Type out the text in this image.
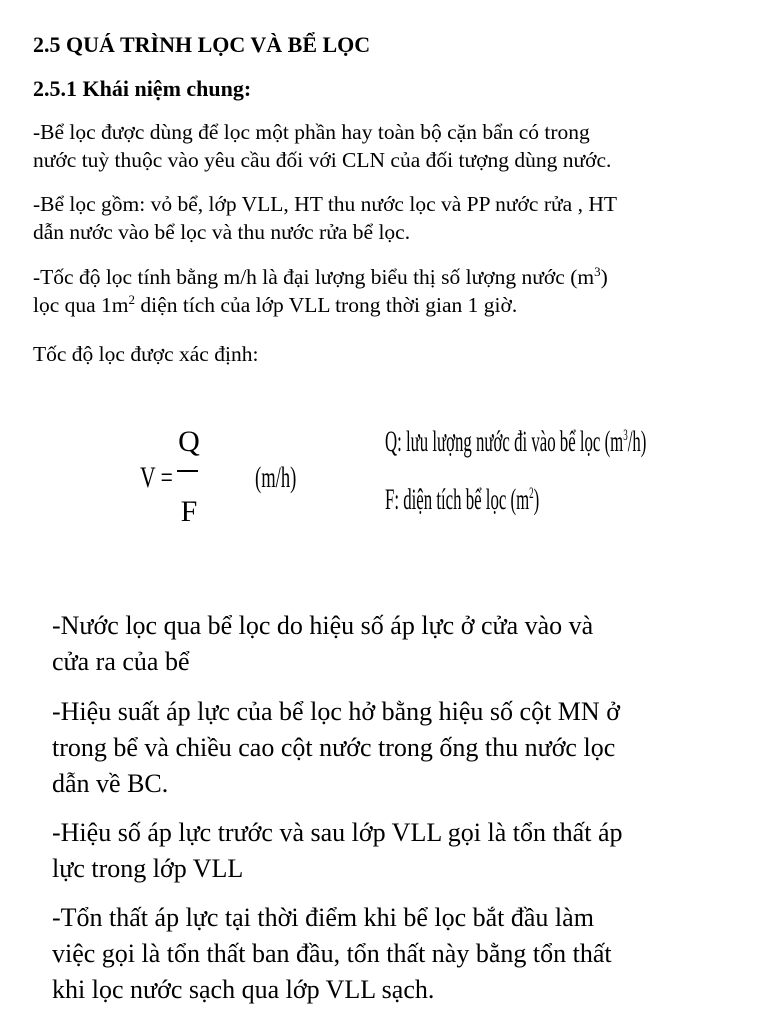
2.5 QUÁ TRÌNH LỌC VÀ BỂ LỌC
2.5.1 Khái niệm chung:
-Bể lọc được dùng để lọc một phần hay toàn bộ cặn bẩn có trong
nước tuỳ thuộc vào yêu cầu đối với CLN của đối tượng dùng nước.
-Bể lọc gồm: vỏ bể, lớp VLL, HT thu nước lọc và PP nước rửa , HT
dẫn nước vào bể lọc và thu nước rửa bể lọc.
-Tốc độ lọc tính bằng m/h là đại lượng biểu thị số lượng nước $(m^3)$
lọc qua $1m^2$ diện tích của lớp VLL trong thời gian 1 giờ.
Tốc độ lọc được xác định:
V =
Q
F
(m/h)
Q: lưu lượng nước đi vào bể lọc $(m^3/h)$
F: diện tích bể lọc $(m^2)$
-Nước lọc qua bể lọc do hiệu số áp lực ở cửa vào và
cửa ra của bể
-Hiệu suất áp lực của bể lọc hở bằng hiệu số cột MN ở
trong bể và chiều cao cột nước trong ống thu nước lọc
dẫn về BC.
-Hiệu số áp lực trước và sau lớp VLL gọi là tổn thất áp
lực trong lớp VLL
-Tổn thất áp lực tại thời điểm khi bể lọc bắt đầu làm
việc gọi là tổn thất ban đầu, tổn thất này bằng tổn thất
khi lọc nước sạch qua lớp VLL sạch.
